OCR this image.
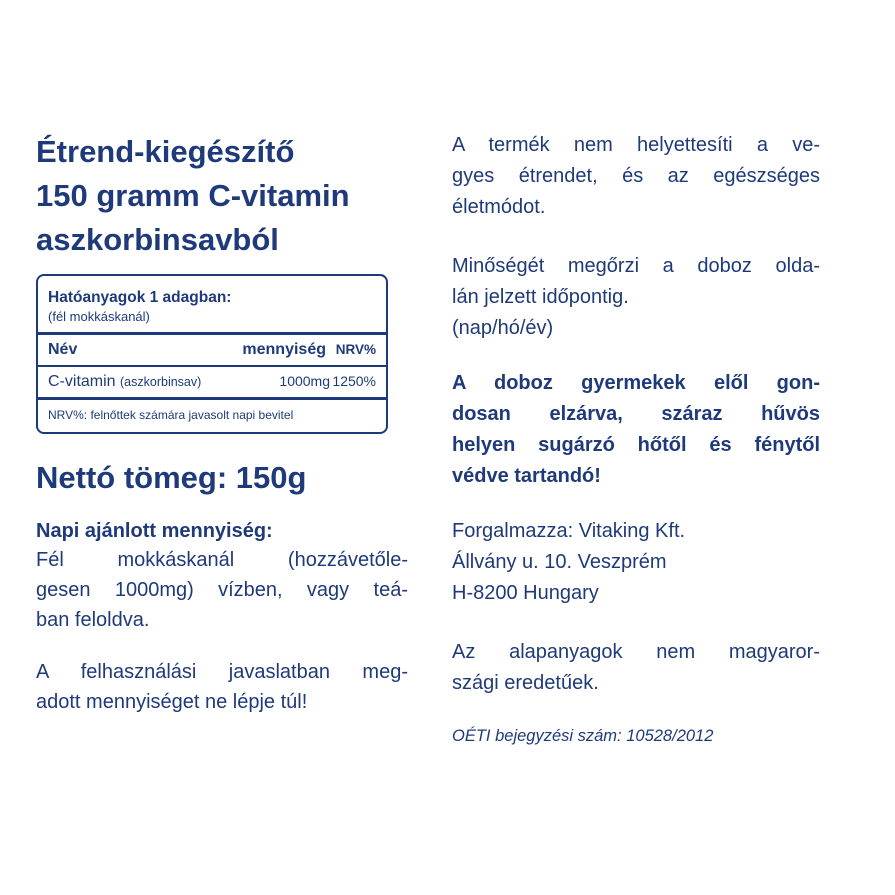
Étrend-kiegészítő
150 gramm C-vitamin
aszkorbinsavból
Hatóanyagok 1 adagban:
(fél mokkáskanál)
Név	mennyiség NRV%
C-vitamin (aszkorbinsav)	1000mg 1250%
NRV%: felnőttek számára javasolt napi bevitel
Nettó tömeg: 150g
Napi ajánlott mennyiség:
Fél mokkáskanál (hozzávetőle-
gesen 1000mg) vízben, vagy teá-
ban feloldva.
A felhasználási javaslatban meg-
adott mennyiséget ne lépje túl!
A termék nem helyettesíti a ve-
gyes étrendet, és az egészséges
életmódot.
Minőségét megőrzi a doboz olda-
lán jelzett időpontig.
(nap/hó/év)
A doboz gyermekek elől gon-
dosan elzárva, száraz hűvös
helyen sugárzó hőtől és fénytől
védve tartandó!
Forgalmazza: Vitaking Kft.
Állvány u. 10. Veszprém
H-8200 Hungary
Az alapanyagok nem magyaror-
szági eredetűek.
OÉTI bejegyzési szám: 10528/2012
